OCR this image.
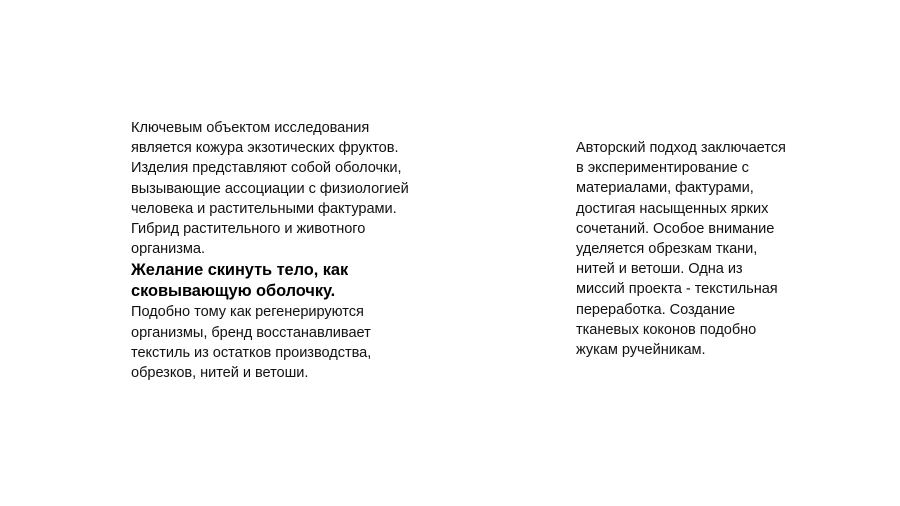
Ключевым объектом исследования
является кожура экзотических фруктов.
Изделия представляют собой оболочки,
вызывающие ассоциации с физиологией
человека и растительными фактурами.
Гибрид растительного и животного
организма.

Желание скинуть тело, как
сковывающую оболочку.

Подобно тому как регенерируются
организмы, бренд восстанавливает
текстиль из остатков производства,
обрезков, нитей и ветоши.

Авторский подход заключается
в экспериментирование с
материалами, фактурами,
достигая насыщенных ярких
сочетаний. Особое внимание
уделяется обрезкам ткани,
нитей и ветоши. Одна из
миссий проекта - текстильная
переработка. Создание
тканевых коконов подобно
жукам ручейникам.
